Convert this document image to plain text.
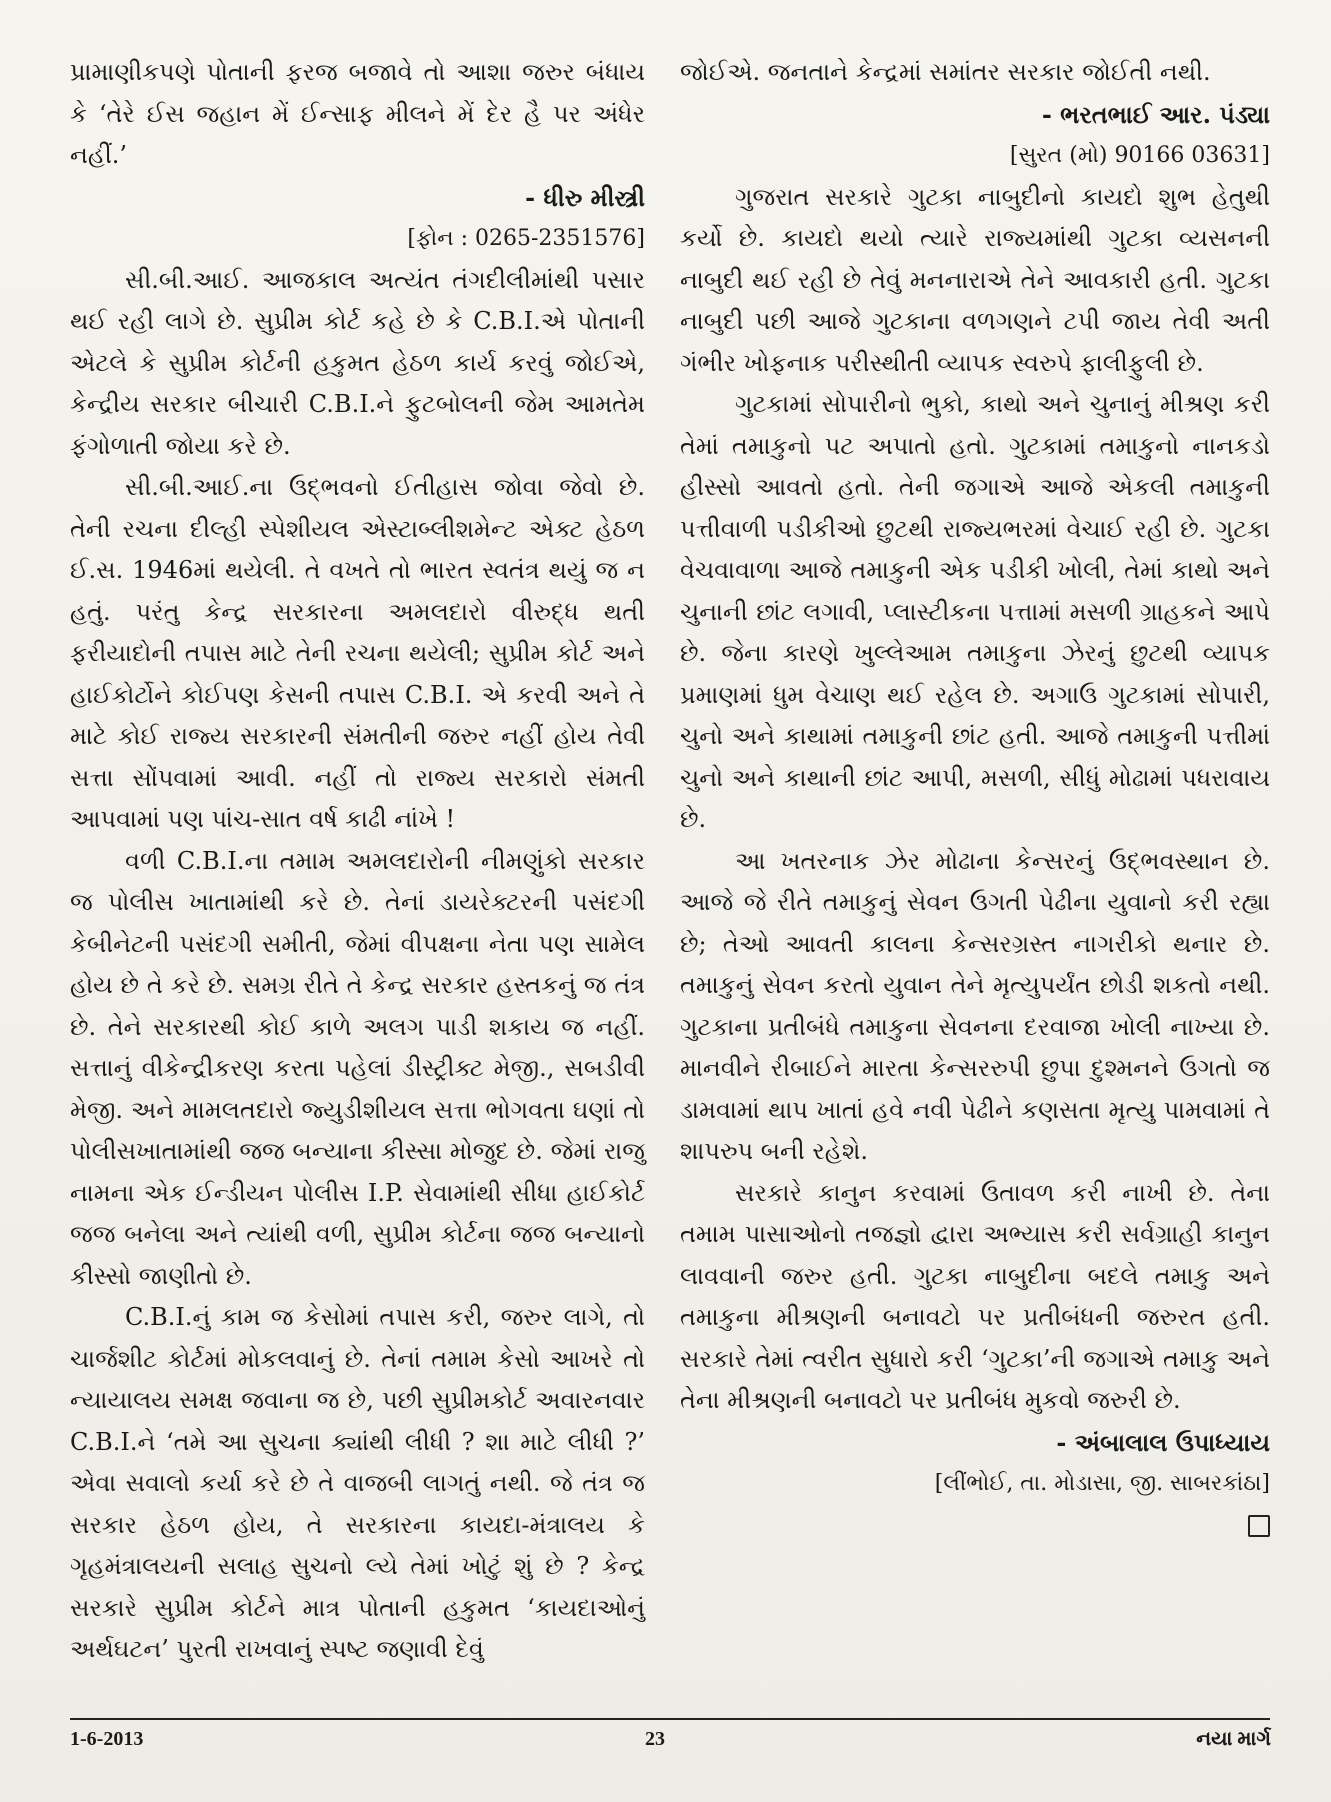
પ્રામાણીકપણે પોતાની ફરજ બજાવે તો આશા જરુર બંધાય કે ‘તેરે ઈસ જહાન મેં ઈન્સાફ મીલને મેં દેર હૈ પર અંધેર નહીં.’

- ધીરુ મીસ્ત્રી

[ફોન : 0265-2351576]

સી.બી.આઈ. આજકાલ અત્યંત તંગદીલીમાંથી પસાર થઈ રહી લાગે છે. સુપ્રીમ કોર્ટ કહે છે કે C.B.I.એ પોતાની એટલે કે સુપ્રીમ કોર્ટની હકુમત હેઠળ કાર્ય કરવું જોઈએ, કેન્દ્રીય સરકાર બીચારી C.B.I.ને ફુટબોલની જેમ આમતેમ ફંગોળાતી જોયા કરે છે.

સી.બી.આઈ.ના ઉદ્ભવનો ઈતીહાસ જોવા જેવો છે. તેની રચના દીલ્હી સ્પેશીયલ એસ્ટાબ્લીશમેન્ટ એક્ટ હેઠળ ઈ.સ. 1946માં થયેલી. તે વખતે તો ભારત સ્વતંત્ર થયું જ ન હતું. પરંતુ કેન્દ્ર સરકારના અમલદારો વીરુદ્ધ થતી ફરીયાદોની તપાસ માટે તેની રચના થયેલી; સુપ્રીમ કોર્ટ અને હાઈકોર્ટોને કોઈપણ કેસની તપાસ C.B.I. એ કરવી અને તે માટે કોઈ રાજ્ય સરકારની સંમતીની જરુર નહીં હોય તેવી સત્તા સોંપવામાં આવી. નહીં તો રાજ્ય સરકારો સંમતી આપવામાં પણ પાંચ-સાત વર્ષ કાઢી નાંખે !

વળી C.B.I.ના તમામ અમલદારોની નીમણુંકો સરકાર જ પોલીસ ખાતામાંથી કરે છે. તેનાં ડાયરેક્ટરની પસંદગી કેબીનેટની પસંદગી સમીતી, જેમાં વીપક્ષના નેતા પણ સામેલ હોય છે તે કરે છે. સમગ્ર રીતે તે કેન્દ્ર સરકાર હસ્તકનું જ તંત્ર છે. તેને સરકારથી કોઈ કાળે અલગ પાડી શકાય જ નહીં. સત્તાનું વીકેન્દ્રીકરણ કરતા પહેલાં ડીસ્ટ્રીક્ટ મેજી., સબડીવી મેજી. અને મામલતદારો જ્યુડીશીયલ સત્તા ભોગવતા ઘણાં તો પોલીસખાતામાંથી જજ બન્યાના કીસ્સા મોજુદ છે. જેમાં રાજુ નામના એક ઈન્ડીયન પોલીસ I.P. સેવામાંથી સીધા હાઈકોર્ટ જજ બનેલા અને ત્યાંથી વળી, સુપ્રીમ કોર્ટના જજ બન્યાનો કીસ્સો જાણીતો છે.

C.B.I.નું કામ જ કેસોમાં તપાસ કરી, જરુર લાગે, તો ચાર્જશીટ કોર્ટમાં મોકલવાનું છે. તેનાં તમામ કેસો આખરે તો ન્યાયાલય સમક્ષ જવાના જ છે, પછી સુપ્રીમકોર્ટ અવારનવાર C.B.I.ને ‘તમે આ સુચના ક્યાંથી લીધી ? શા માટે લીધી ?’ એવા સવાલો કર્યા કરે છે તે વાજબી લાગતું નથી. જે તંત્ર જ સરકાર હેઠળ હોય, તે સરકારના કાયદા-મંત્રાલય કે ગૃહમંત્રાલયની સલાહ સુચનો લ્યે તેમાં ખોટું શું છે ? કેન્દ્ર સરકારે સુપ્રીમ કોર્ટને માત્ર પોતાની હકુમત ‘કાયદાઓનું અર્થઘટન’ પુરતી રાખવાનું સ્પષ્ટ જણાવી દેવું

જોઈએ. જનતાને કેન્દ્રમાં સમાંતર સરકાર જોઈતી નથી.

- ભરતભાઈ આર. પંડ્યા

[સુરત (મો) 90166 03631]

ગુજરાત સરકારે ગુટકા નાબુદીનો કાયદો શુભ હેતુથી કર્યો છે. કાયદો થયો ત્યારે રાજ્યમાંથી ગુટકા વ્યસનની નાબુદી થઈ રહી છે તેવું મનનારાએ તેને આવકારી હતી. ગુટકા નાબુદી પછી આજે ગુટકાના વળગણને ટપી જાય તેવી અતી ગંભીર ખોફનાક પરીસ્થીતી વ્યાપક સ્વરુપે ફાલીફુલી છે.

ગુટકામાં સોપારીનો ભુકો, કાથો અને ચુનાનું મીશ્રણ કરી તેમાં તમાકુનો પટ અપાતો હતો. ગુટકામાં તમાકુનો નાનકડો હીસ્સો આવતો હતો. તેની જગાએ આજે એકલી તમાકુની પત્તીવાળી પડીકીઓ છુટથી રાજ્યભરમાં વેચાઈ રહી છે. ગુટકા વેચવાવાળા આજે તમાકુની એક પડીકી ખોલી, તેમાં કાથો અને ચુનાની છાંટ લગાવી, પ્લાસ્ટીકના પત્તામાં મસળી ગ્રાહકને આપે છે. જેના કારણે ખુલ્લેઆમ તમાકુના ઝેરનું છુટથી વ્યાપક પ્રમાણમાં ધુમ વેચાણ થઈ રહેલ છે. અગાઉ ગુટકામાં સોપારી, ચુનો અને કાથામાં તમાકુની છાંટ હતી. આજે તમાકુની પત્તીમાં ચુનો અને કાથાની છાંટ આપી, મસળી, સીધું મોઢામાં પધરાવાય છે.

આ ખતરનાક ઝેર મોઢાના કેન્સરનું ઉદ્ભવસ્થાન છે. આજે જે રીતે તમાકુનું સેવન ઉગતી પેઢીના યુવાનો કરી રહ્યા છે; તેઓ આવતી કાલના કેન્સરગ્રસ્ત નાગરીકો થનાર છે. તમાકુનું સેવન કરતો યુવાન તેને મૃત્યુપર્યંત છોડી શકતો નથી. ગુટકાના પ્રતીબંધે તમાકુના સેવનના દરવાજા ખોલી નાખ્યા છે. માનવીને રીબાઈને મારતા કેન્સરરુપી છુપા દુશ્મનને ઉગતો જ ડામવામાં થાપ ખાતાં હવે નવી પેઢીને કણસતા મૃત્યુ પામવામાં તે શાપરુપ બની રહેશે.

સરકારે કાનુન કરવામાં ઉતાવળ કરી નાખી છે. તેના તમામ પાસાઓનો તજજ્ઞો દ્વારા અભ્યાસ કરી સર્વગ્રાહી કાનુન લાવવાની જરુર હતી. ગુટકા નાબુદીના બદલે તમાકુ અને તમાકુના મીશ્રણની બનાવટો પર પ્રતીબંધની જરુરત હતી. સરકારે તેમાં ત્વરીત સુધારો કરી ‘ગુટકા’ની જગાએ તમાકુ અને તેના મીશ્રણની બનાવટો પર પ્રતીબંધ મુકવો જરુરી છે.

- અંબાલાલ ઉપાધ્યાય

[લીંભોઈ, તા. મોડાસા, જી. સાબરકાંઠા]

1-6-2013	23	નયા માર્ગ
